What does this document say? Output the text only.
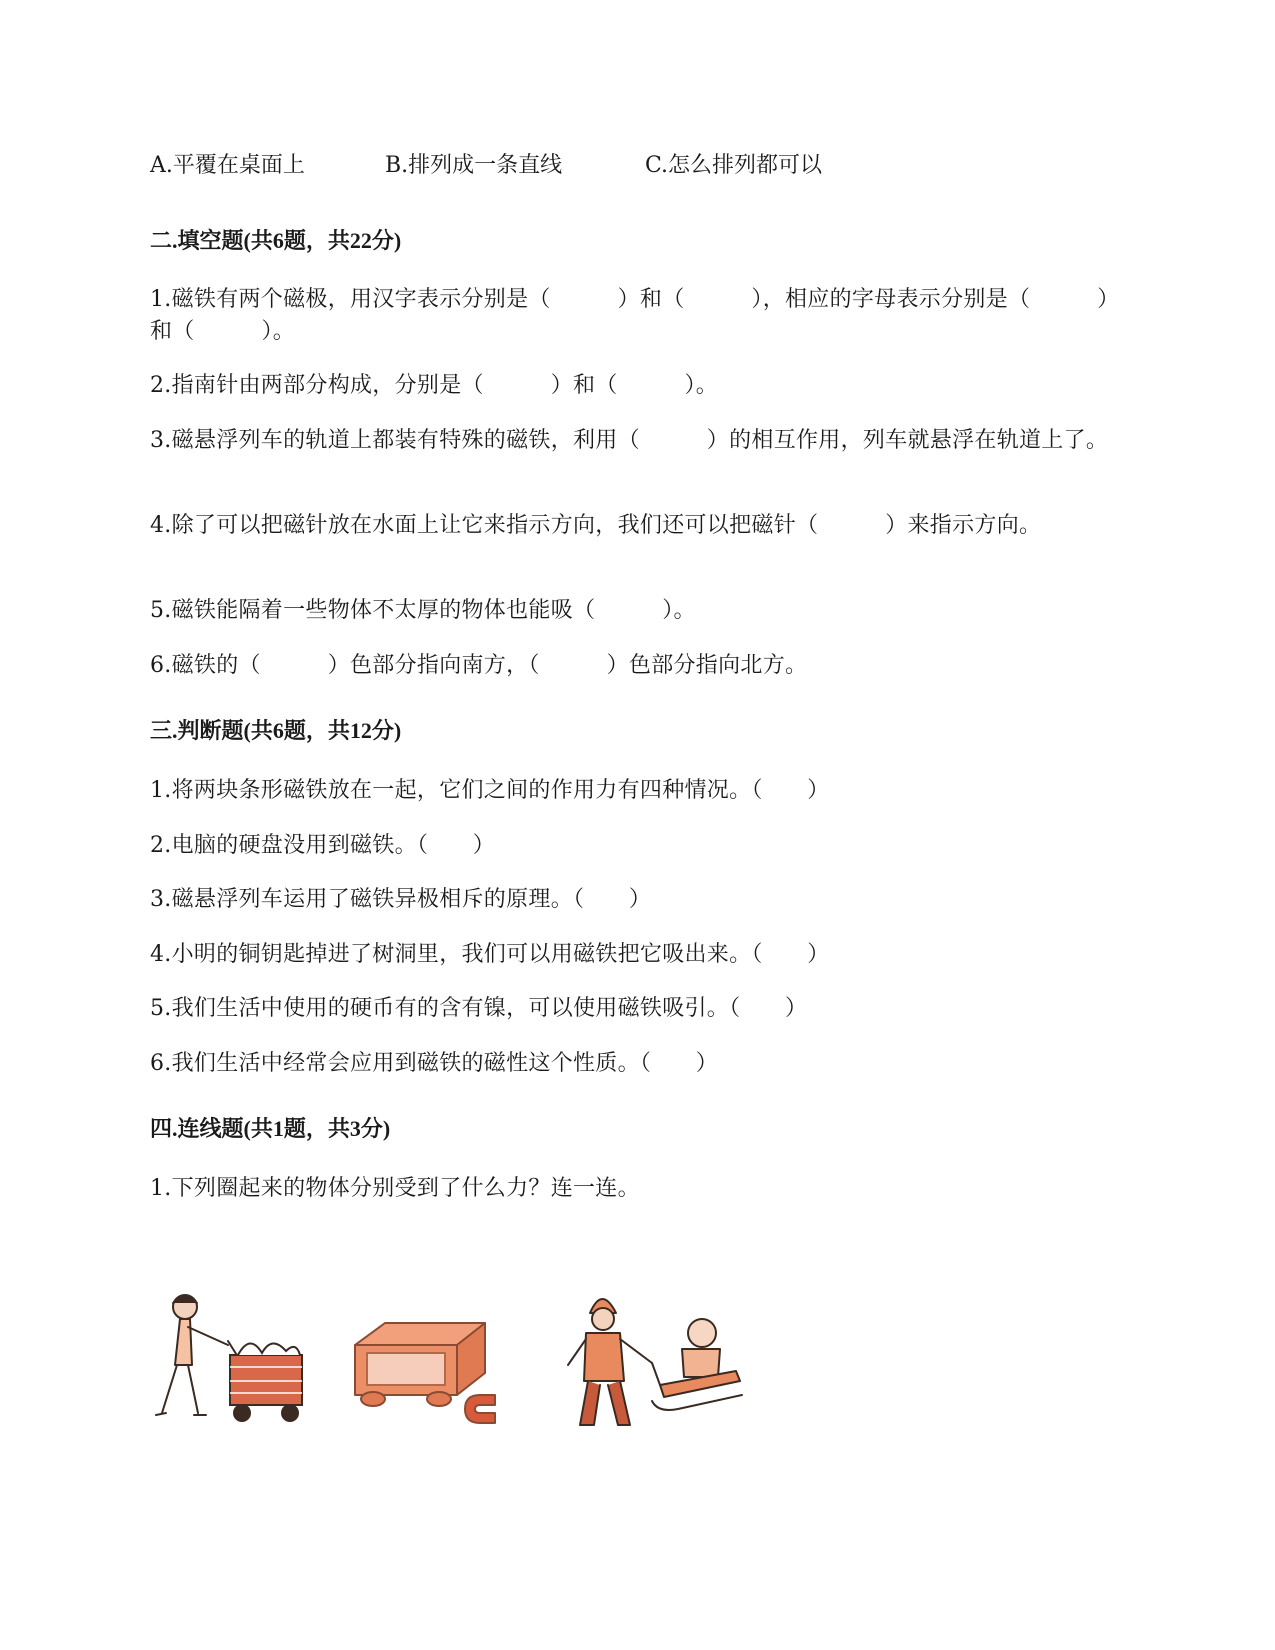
A.平覆在桌面上	B.排列成一条直线	C.怎么排列都可以
二.填空题(共6题，共22分)
1.磁铁有两个磁极，用汉字表示分别是（　　　）和（　　　），相应的字母表示分别是（　　　）和（　　　）。
2.指南针由两部分构成，分别是（　　　）和（　　　）。
3.磁悬浮列车的轨道上都装有特殊的磁铁，利用（　　　）的相互作用，列车就悬浮在轨道上了。
4.除了可以把磁针放在水面上让它来指示方向，我们还可以把磁针（　　　）来指示方向。
5.磁铁能隔着一些物体不太厚的物体也能吸（　　　）。
6.磁铁的（　　　）色部分指向南方，（　　　）色部分指向北方。
三.判断题(共6题，共12分)
1.将两块条形磁铁放在一起，它们之间的作用力有四种情况。（　　）
2.电脑的硬盘没用到磁铁。（　　）
3.磁悬浮列车运用了磁铁异极相斥的原理。（　　）
4.小明的铜钥匙掉进了树洞里，我们可以用磁铁把它吸出来。（　　）
5.我们生活中使用的硬币有的含有镍，可以使用磁铁吸引。（　　）
6.我们生活中经常会应用到磁铁的磁性这个性质。（　　）
四.连线题(共1题，共3分)
1.下列圈起来的物体分别受到了什么力？连一连。
